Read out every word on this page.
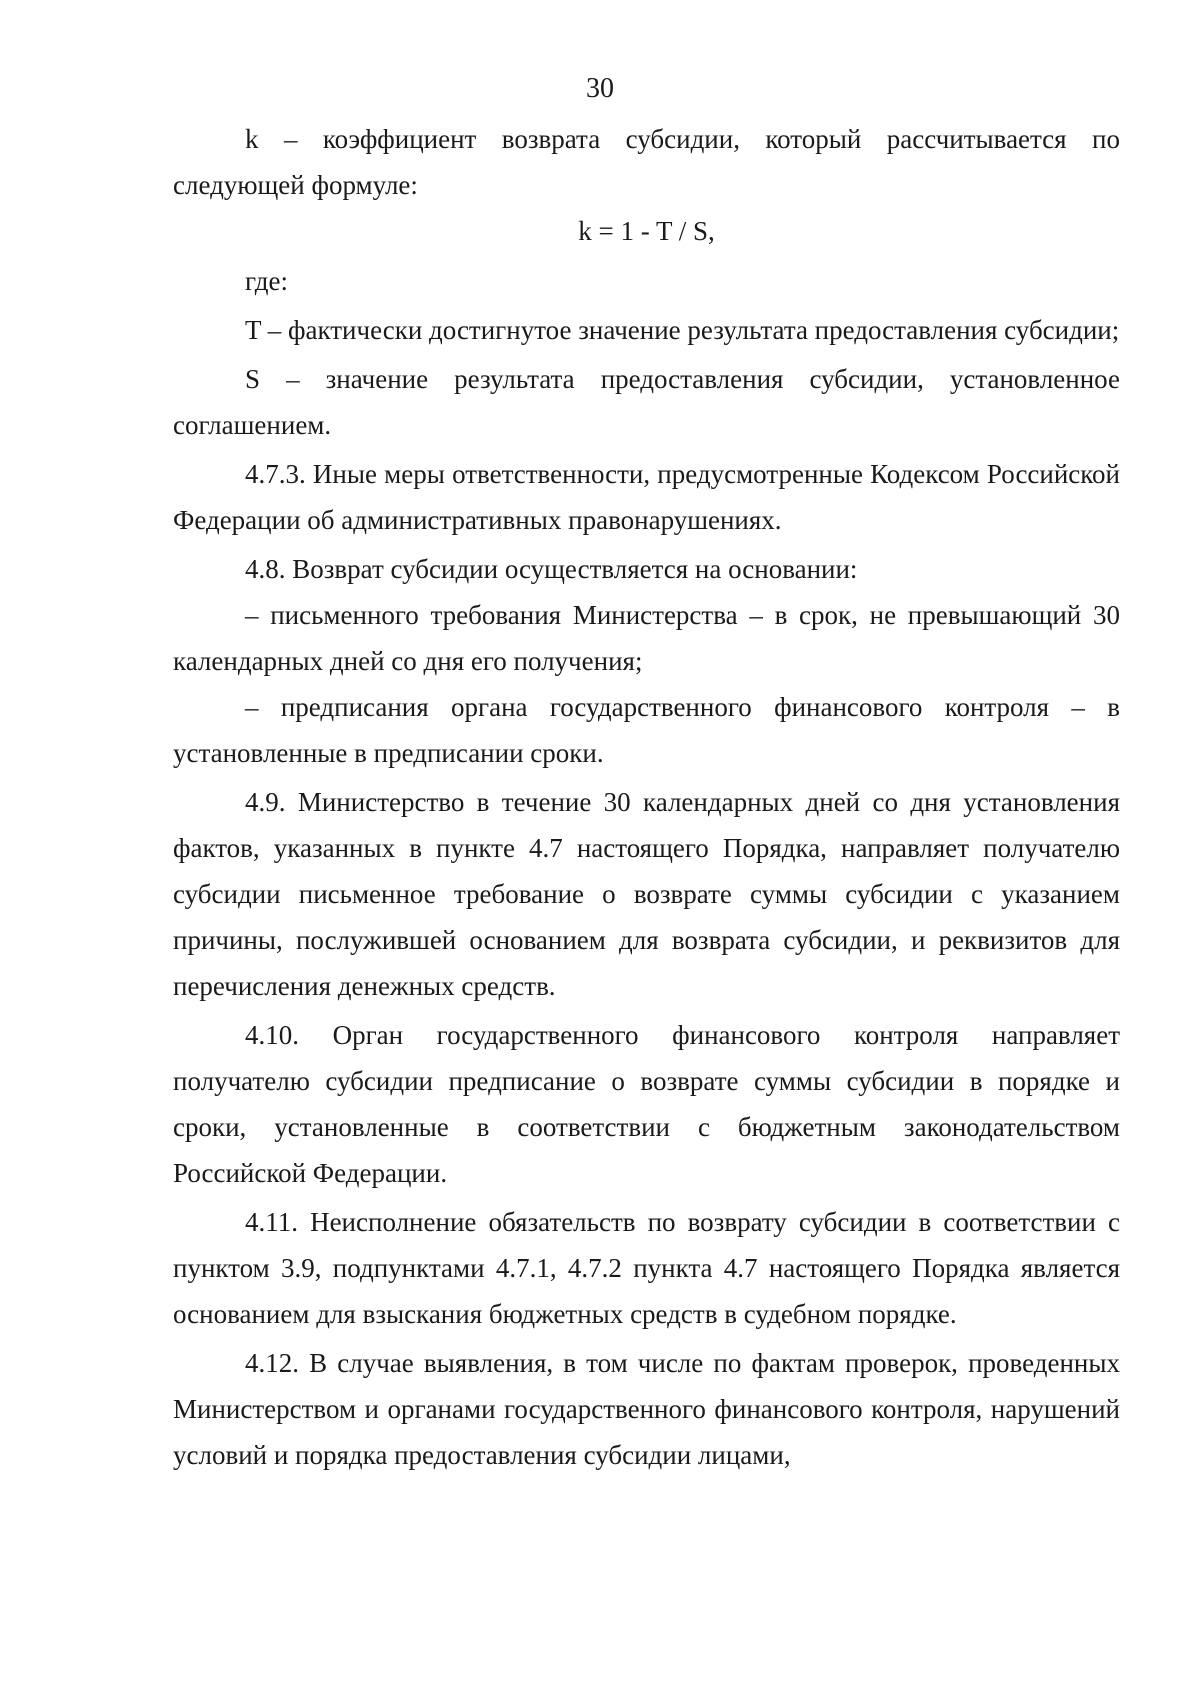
30

k – коэффициент возврата субсидии, который рассчитывается по следующей формуле:

k = 1 - T / S,

где:

T – фактически достигнутое значение результата предоставления субсидии;

S – значение результата предоставления субсидии, установленное соглашением.

4.7.3. Иные меры ответственности, предусмотренные Кодексом Российской Федерации об административных правонарушениях.

4.8. Возврат субсидии осуществляется на основании:

– письменного требования Министерства – в срок, не превышающий 30 календарных дней со дня его получения;

– предписания органа государственного финансового контроля – в установленные в предписании сроки.

4.9. Министерство в течение 30 календарных дней со дня установления фактов, указанных в пункте 4.7 настоящего Порядка, направляет получателю субсидии письменное требование о возврате суммы субсидии с указанием причины, послужившей основанием для возврата субсидии, и реквизитов для перечисления денежных средств.

4.10. Орган государственного финансового контроля направляет получателю субсидии предписание о возврате суммы субсидии в порядке и сроки, установленные в соответствии с бюджетным законодательством Российской Федерации.

4.11. Неисполнение обязательств по возврату субсидии в соответствии с пунктом 3.9, подпунктами 4.7.1, 4.7.2 пункта 4.7 настоящего Порядка является основанием для взыскания бюджетных средств в судебном порядке.

4.12. В случае выявления, в том числе по фактам проверок, проведенных Министерством и органами государственного финансового контроля, нарушений условий и порядка предоставления субсидии лицами,
